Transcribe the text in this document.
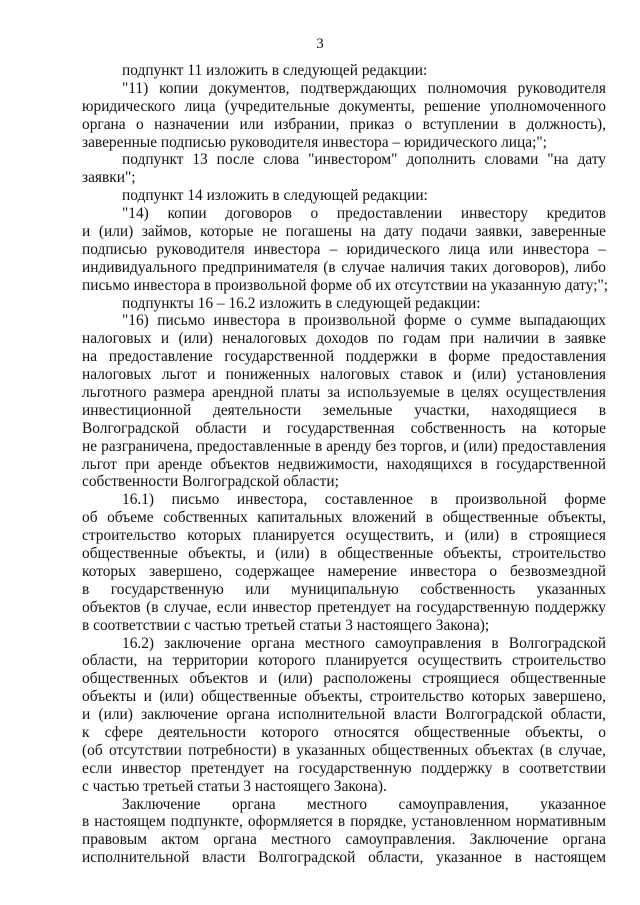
3
подпункт 11 изложить в следующей редакции:
"11) копии документов, подтверждающих полномочия руководителя
юридического лица (учредительные документы, решение уполномоченного
органа о назначении или избрании, приказ о вступлении в должность),
заверенные подписью руководителя инвестора – юридического лица;";
подпункт 13 после слова "инвестором" дополнить словами "на дату
заявки";
подпункт 14 изложить в следующей редакции:
"14) копии договоров о предоставлении инвестору кредитов
и (или) займов, которые не погашены на дату подачи заявки, заверенные
подписью руководителя инвестора – юридического лица или инвестора –
индивидуального предпринимателя (в случае наличия таких договоров), либо
письмо инвестора в произвольной форме об их отсутствии на указанную дату;";
подпункты 16 – 16.2 изложить в следующей редакции:
"16) письмо инвестора в произвольной форме о сумме выпадающих
налоговых и (или) неналоговых доходов по годам при наличии в заявке
на предоставление государственной поддержки в форме предоставления
налоговых льгот и пониженных налоговых ставок и (или) установления
льготного размера арендной платы за используемые в целях осуществления
инвестиционной деятельности земельные участки, находящиеся в
Волгоградской области и государственная собственность на которые
не разграничена, предоставленные в аренду без торгов, и (или) предоставления
льгот при аренде объектов недвижимости, находящихся в государственной
собственности Волгоградской области;
16.1) письмо инвестора, составленное в произвольной форме
об объеме собственных капитальных вложений в общественные объекты,
строительство которых планируется осуществить, и (или) в строящиеся
общественные объекты, и (или) в общественные объекты, строительство
которых завершено, содержащее намерение инвестора о безвозмездной
в государственную или муниципальную собственность указанных
объектов (в случае, если инвестор претендует на государственную поддержку
в соответствии с частью третьей статьи 3 настоящего Закона);
16.2) заключение органа местного самоуправления в Волгоградской
области, на территории которого планируется осуществить строительство
общественных объектов и (или) расположены строящиеся общественные
объекты и (или) общественные объекты, строительство которых завершено,
и (или) заключение органа исполнительной власти Волгоградской области,
к сфере деятельности которого относятся общественные объекты, о
(об отсутствии потребности) в указанных общественных объектах (в случае,
если инвестор претендует на государственную поддержку в соответствии
с частью третьей статьи 3 настоящего Закона).
Заключение органа местного самоуправления, указанное
в настоящем подпункте, оформляется в порядке, установленном нормативным
правовым актом органа местного самоуправления. Заключение органа
исполнительной власти Волгоградской области, указанное в настоящем
